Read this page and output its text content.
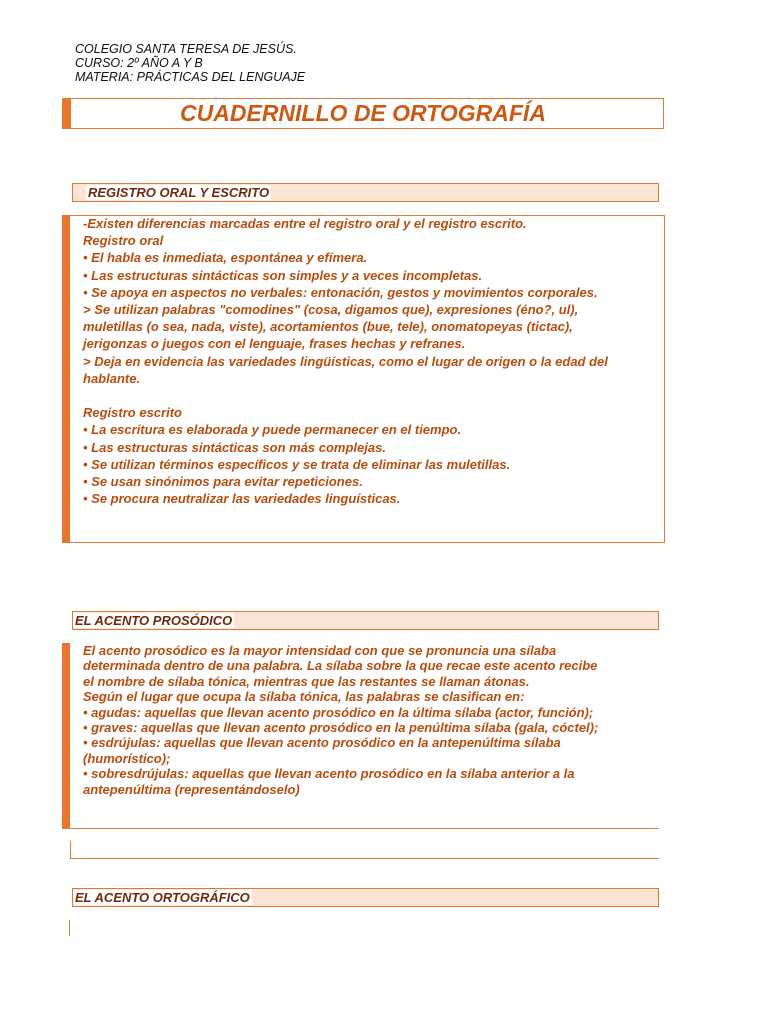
COLEGIO SANTA TERESA DE JESÚS.
CURSO: 2º AÑO A Y B
MATERIA: PRÁCTICAS DEL LENGUAJE
CUADERNILLO DE ORTOGRAFÍA
REGISTRO ORAL Y ESCRITO
-Existen diferencias marcadas entre el registro oral y el registro escrito.
Registro oral
• El habla es inmediata, espontánea y efímera.
• Las estructuras sintácticas son simples y a veces incompletas.
• Se apoya en aspectos no verbales: entonación, gestos y movimientos corporales.
> Se utilizan palabras "comodines" (cosa, digamos que), expresiones (éno?, ul),
muletillas (o sea, nada, viste), acortamientos (bue, tele), onomatopeyas (tictac),
jerigonzas o juegos con el lenguaje, frases hechas y refranes.
> Deja en evidencia las variedades lingüísticas, como el lugar de origen o la edad del
hablante.

Registro escrito
• La escritura es elaborada y puede permanecer en el tiempo.
• Las estructuras sintácticas son más complejas.
• Se utilizan términos específicos y se trata de eliminar las muletillas.
• Se usan sinónimos para evitar repeticiones.
• Se procura neutralizar las variedades linguísticas.
EL ACENTO PROSÓDICO
El acento prosódico es la mayor intensidad con que se pronuncia una sílaba
determinada dentro de una palabra. La sílaba sobre la que recae este acento recibe
el nombre de sílaba tónica, mientras que las restantes se llaman átonas.
Según el lugar que ocupa la sílaba tónica, las palabras se clasifican en:
• agudas: aquellas que llevan acento prosódico en la última sílaba (actor, función);
• graves: aquellas que llevan acento prosódico en la penúltima sílaba (gala, cóctel);
• esdrújulas: aquellas que llevan acento prosódico en la antepenúltima sílaba
(humorístico);
• sobresdrújulas: aquellas que llevan acento prosódico en la sílaba anterior a la
antepenúltima (representándoselo)
EL ACENTO ORTOGRÁFICO
